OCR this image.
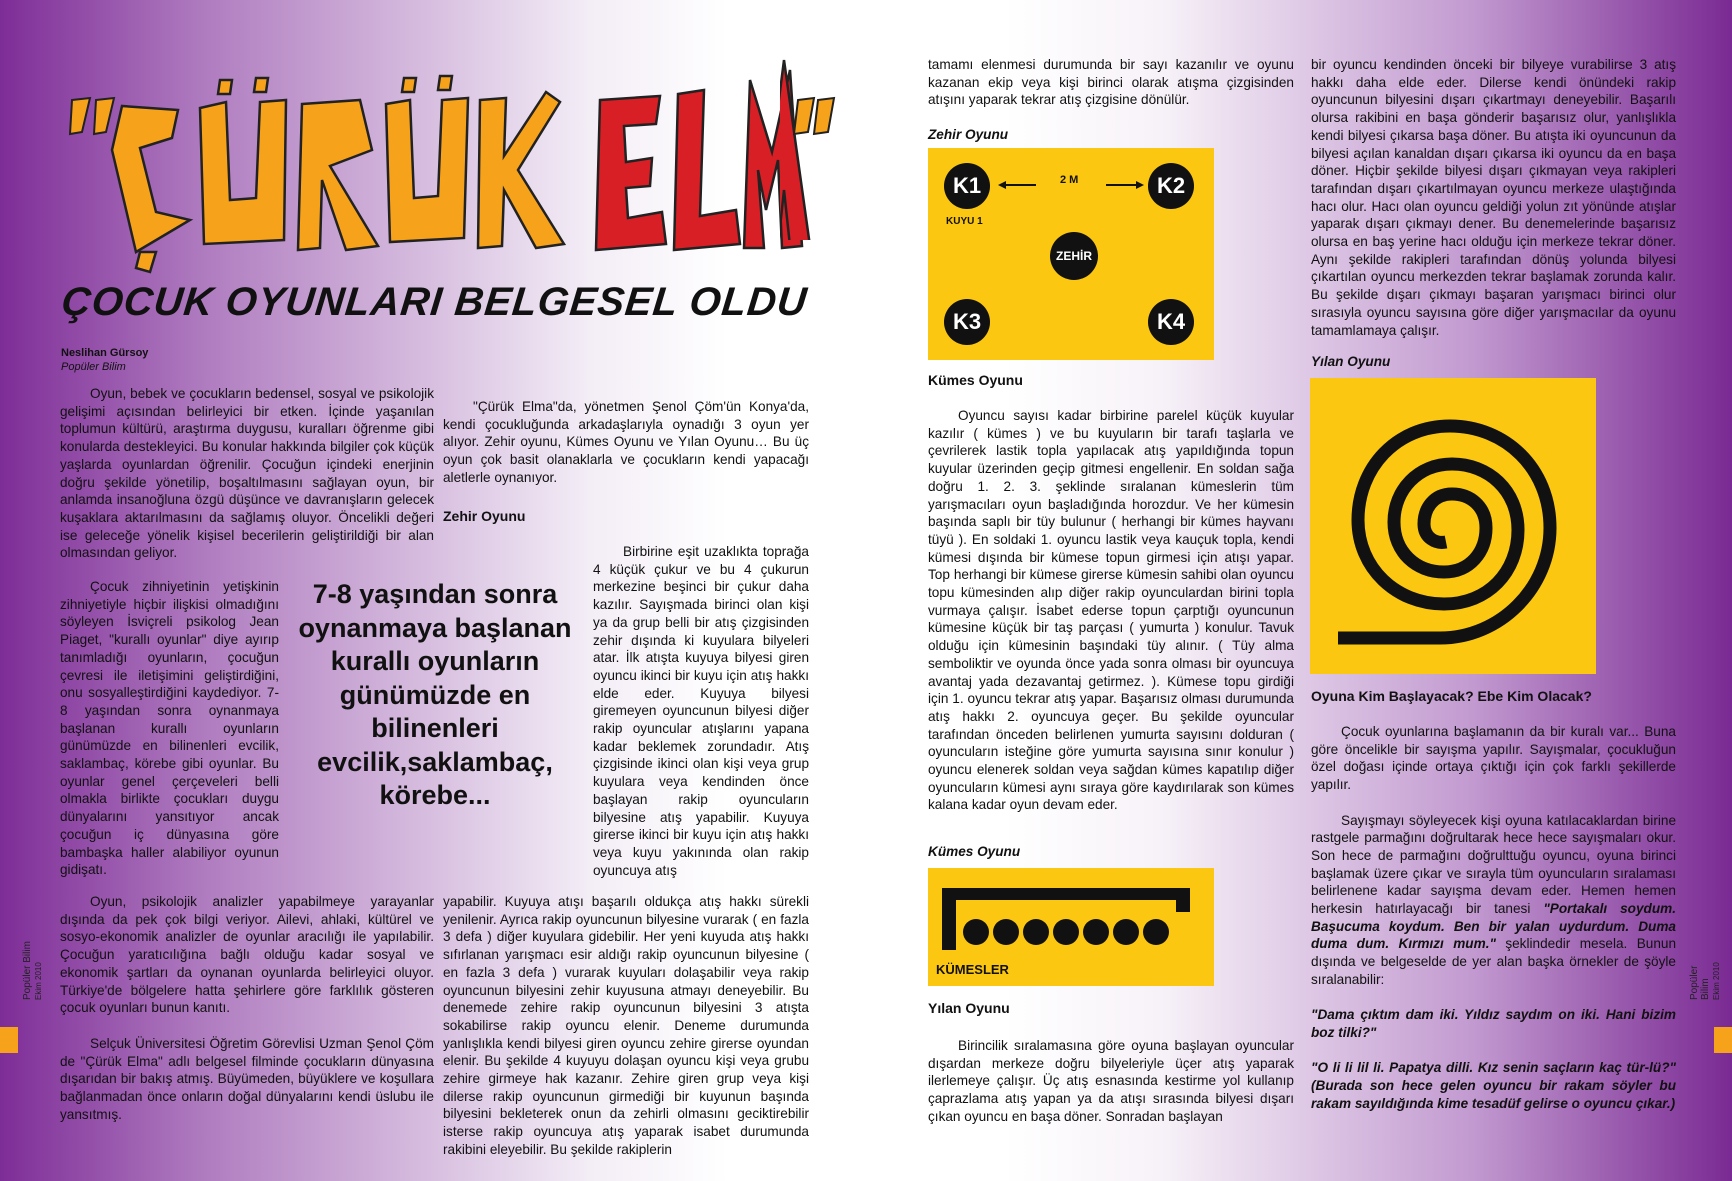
ÇOCUK OYUNLARI BELGESEL OLDU
Neslihan Gürsoy
Popüler Bilim

Oyun, bebek ve çocukların bedensel, sosyal ve psikolojik gelişimi açısından belirleyici bir etken. İçinde yaşanılan toplumun kültürü, araştırma duygusu, kuralları öğrenme gibi konularda destekleyici. Bu konular hakkında bilgiler çok küçük yaşlarda oyunlardan öğrenilir. Çocuğun içindeki enerjinin doğru şekilde yönetilip, boşaltılmasını sağlayan oyun, bir anlamda insanoğluna özgü düşünce ve davranışların gelecek kuşaklara aktarılmasını da sağlamış oluyor. Öncelikli değeri ise geleceğe yönelik kişisel becerilerin geliştirildiği bir alan olmasından geliyor.

Çocuk zihniyetinin yetişkinin zihniyetiyle hiçbir ilişkisi olmadığını söyleyen İsviçreli psikolog Jean Piaget, "kurallı oyunlar" diye ayırıp tanımladığı oyunların, çocuğun çevresi ile iletişimini geliştirdiğini, onu sosyalleştirdiğini kaydediyor. 7-8 yaşından sonra oynanmaya başlanan kurallı oyunların günümüzde en bilinenleri evcilik, saklambaç, körebe gibi oyunlar. Bu oyunlar genel çerçeveleri belli olmakla birlikte çocukları duygu dünyalarını yansıtıyor ancak çocuğun iç dünyasına göre bambaşka haller alabiliyor oyunun gidişatı.

Oyun, psikolojik analizler yapabilmeye yarayanlar dışında da pek çok bilgi veriyor. Ailevi, ahlaki, kültürel ve sosyo-ekonomik analizler de oyunlar aracılığı ile yapılabilir. Çocuğun yaratıcılığına bağlı olduğu kadar sosyal ve ekonomik şartları da oynanan oyunlarda belirleyici oluyor. Türkiye'de bölgelere hatta şehirlere göre farklılık gösteren çocuk oyunları bunun kanıtı.

Selçuk Üniversitesi Öğretim Görevlisi Uzman Şenol Çöm de "Çürük Elma" adlı belgesel filminde çocukların dünyasına dışarıdan bir bakış atmış. Büyümeden, büyüklere ve koşullara bağlanmadan önce onların doğal dünyalarını kendi üslubu ile yansıtmış.

7-8 yaşından sonra oynanmaya başlanan kurallı oyunların günümüzde en bilinenleri evcilik,saklambaç, körebe...

"Çürük Elma"da, yönetmen Şenol Çöm'ün Konya'da, kendi çocukluğunda arkadaşlarıyla oynadığı 3 oyun yer alıyor. Zehir oyunu, Kümes Oyunu ve Yılan Oyunu… Bu üç oyun çok basit olanaklarla ve çocukların kendi yapacağı aletlerle oynanıyor.

Zehir Oyunu

Birbirine eşit uzaklıkta toprağa 4 küçük çukur ve bu 4 çukurun merkezine beşinci bir çukur daha kazılır. Sayışmada birinci olan kişi ya da grup belli bir atış çizgisinden zehir dışında ki kuyulara bilyeleri atar. İlk atışta kuyuya bilyesi giren oyuncu ikinci bir kuyu için atış hakkı elde eder. Kuyuya bilyesi giremeyen oyuncunun bilyesi diğer rakip oyuncular atışlarını yapana kadar beklemek zorundadır. Atış çizgisinde ikinci olan kişi veya grup kuyulara veya kendinden önce başlayan rakip oyuncuların bilyesine atış yapabilir. Kuyuya girerse ikinci bir kuyu için atış hakkı veya kuyu yakınında olan rakip oyuncuya atış

yapabilir. Kuyuya atışı başarılı oldukça atış hakkı sürekli yenilenir. Ayrıca rakip oyuncunun bilyesine vurarak ( en fazla 3 defa ) diğer kuyulara gidebilir. Her yeni kuyuda atış hakkı sıfırlanan yarışmacı esir aldığı rakip oyuncunun bilyesine ( en fazla 3 defa ) vurarak kuyuları dolaşabilir veya rakip oyuncunun bilyesini zehir kuyusuna atmayı deneyebilir. Bu denemede zehire rakip oyuncunun bilyesini 3 atışta sokabilirse rakip oyuncu elenir. Deneme durumunda yanlışlıkla kendi bilyesi giren oyuncu zehire girerse oyundan elenir. Bu şekilde 4 kuyuyu dolaşan oyuncu kişi veya grubu zehire girmeye hak kazanır. Zehire giren grup veya kişi dilerse rakip oyuncunun girmediği bir kuyunun başında bilyesini bekleterek onun da zehirli olmasını geciktirebilir isterse rakip oyuncuya atış yaparak isabet durumunda rakibini eleyebilir. Bu şekilde rakiplerin

Popüler Bilim Ekim 2010

tamamı elenmesi durumunda bir sayı kazanılır ve oyunu kazanan ekip veya kişi birinci olarak atışma çizgisinden atışını yaparak tekrar atış çizgisine dönülür.

Zehir Oyunu
K1	K2
K3	K4
ZEHİR
2 M
KUYU 1
Kümes Oyunu

Oyuncu sayısı kadar birbirine parelel küçük kuyular kazılır ( kümes ) ve bu kuyuların bir tarafı taşlarla ve çevrilerek lastik topla yapılacak atış yapıldığında topun kuyular üzerinden geçip gitmesi engellenir. En soldan sağa doğru 1. 2. 3. şeklinde sıralanan kümeslerin tüm yarışmacıları oyun başladığında horozdur. Ve her kümesin başında saplı bir tüy bulunur ( herhangi bir kümes hayvanı tüyü ). En soldaki 1. oyuncu lastik veya kauçuk topla, kendi kümesi dışında bir kümese topun girmesi için atışı yapar. Top herhangi bir kümese girerse kümesin sahibi olan oyuncu topu kümesinden alıp diğer rakip oyunculardan birini topla vurmaya çalışır. İsabet ederse topun çarptığı oyuncunun kümesine küçük bir taş parçası ( yumurta ) konulur. Tavuk olduğu için kümesinin başındaki tüy alınır. ( Tüy alma semboliktir ve oyunda önce yada sonra olması bir oyuncuya avantaj yada dezavantaj getirmez. ). Kümese topu girdiği için 1. oyuncu tekrar atış yapar. Başarısız olması durumunda atış hakkı 2. oyuncuya geçer. Bu şekilde oyuncular tarafından önceden belirlenen yumurta sayısını dolduran ( oyuncuların isteğine göre yumurta sayısına sınır konulur ) oyuncu elenerek soldan veya sağdan kümes kapatılıp diğer oyuncuların kümesi aynı sıraya göre kaydırılarak son kümes kalana kadar oyun devam eder.

Kümes Oyunu
KÜMESLER
Yılan Oyunu

Birincilik sıralamasına göre oyuna başlayan oyuncular dışardan merkeze doğru bilyeleriyle üçer atış yaparak ilerlemeye çalışır. Üç atış esnasında kestirme yol kullanıp çaprazlama atış yapan ya da atışı sırasında bilyesi dışarı çıkan oyuncu en başa döner. Sonradan başlayan

bir oyuncu kendinden önceki bir bilyeye vurabilirse 3 atış hakkı daha elde eder. Dilerse kendi önündeki rakip oyuncunun bilyesini dışarı çıkartmayı deneyebilir. Başarılı olursa rakibini en başa gönderir başarısız olur, yanlışlıkla kendi bilyesi çıkarsa başa döner. Bu atışta iki oyuncunun da bilyesi açılan kanaldan dışarı çıkarsa iki oyuncu da en başa döner. Hiçbir şekilde bilyesi dışarı çıkmayan veya rakipleri tarafından dışarı çıkartılmayan oyuncu merkeze ulaştığında hacı olur. Hacı olan oyuncu geldiği yolun zıt yönünde atışlar yaparak dışarı çıkmayı dener. Bu denemelerinde başarısız olursa en baş yerine hacı olduğu için merkeze tekrar döner. Aynı şekilde rakipleri tarafından dönüş yolunda bilyesi çıkartılan oyuncu merkezden tekrar başlamak zorunda kalır. Bu şekilde dışarı çıkmayı başaran yarışmacı birinci olur sırasıyla oyuncu sayısına göre diğer yarışmacılar da oyunu tamamlamaya çalışır.

Yılan Oyunu
Oyuna Kim Başlayacak? Ebe Kim Olacak?

Çocuk oyunlarına başlamanın da bir kuralı var... Buna göre öncelikle bir sayışma yapılır. Sayışmalar, çocukluğun özel doğası içinde ortaya çıktığı için çok farklı şekillerde yapılır.

Sayışmayı söyleyecek kişi oyuna katılacaklardan birine rastgele parmağını doğrultarak hece hece sayışmaları okur. Son hece de parmağını doğrulttuğu oyuncu, oyuna birinci başlamak üzere çıkar ve sırayla tüm oyuncuların sıralaması belirlenene kadar sayışma devam eder. Hemen hemen herkesin hatırlayacağı bir tanesi "Portakalı soydum. Başucuma koydum. Ben bir yalan uydurdum. Duma duma dum. Kırmızı mum." şeklindedir mesela. Bunun dışında ve belgeselde de yer alan başka örnekler de şöyle sıralanabilir:

"Dama çıktım dam iki. Yıldız saydım on iki. Hani bizim boz tilki?"

"O li li lil li. Papatya dilli. Kız senin saçların kaç tür-lü?" (Burada son hece gelen oyuncu bir rakam söyler bu rakam sayıldığında kime tesadüf gelirse o oyuncu çıkar.)

Popüler Bilim Ekim 2010
